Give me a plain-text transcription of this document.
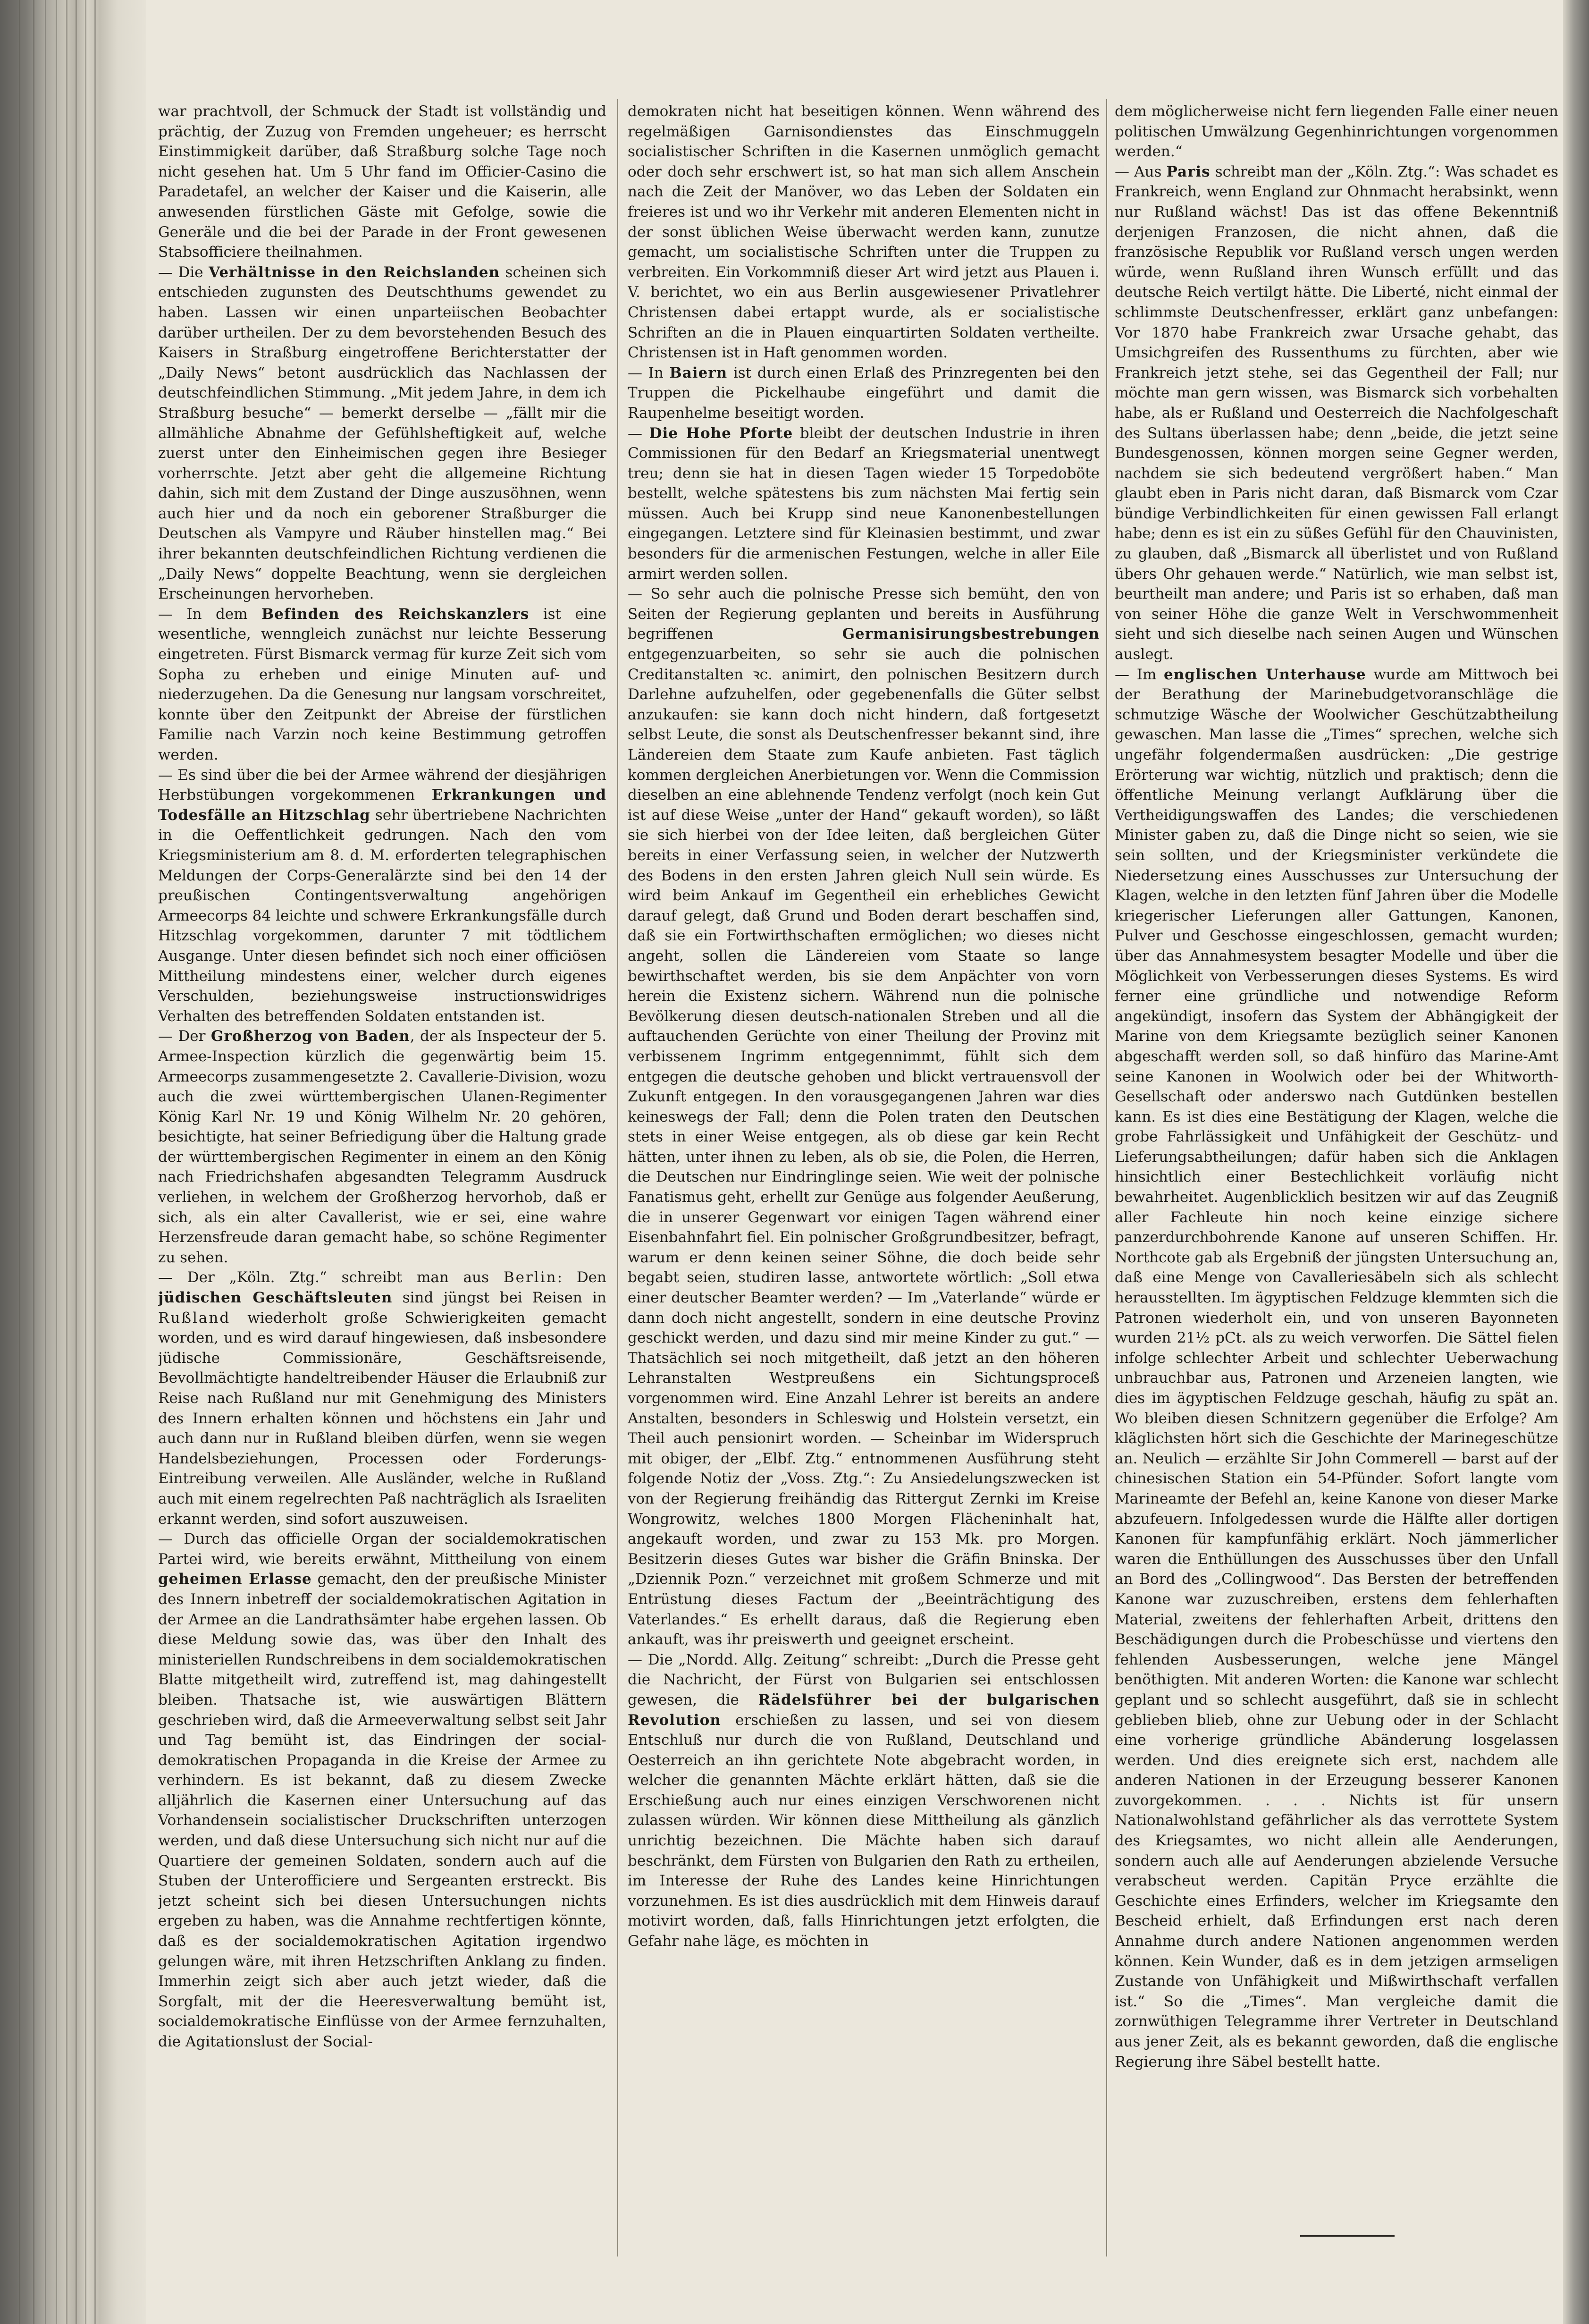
war prachtvoll, der Schmuck der Stadt ist vollständig und prächtig, der Zuzug von Fremden ungeheuer; es herrscht Einstimmigkeit darüber, daß Straßburg solche Tage noch nicht gesehen hat. Um 5 Uhr fand im Officier-Casino die Paradetafel, an welcher der Kaiser und die Kaiserin, alle anwesenden fürstlichen Gäste mit Gefolge, sowie die Generäle und die bei der Parade in der Front gewesenen Stabsofficiere theilnahmen.

— Die Verhältnisse in den Reichslanden scheinen sich entschieden zugunsten des Deutschthums gewendet zu haben. Lassen wir einen unparteiischen Beobachter darüber urtheilen. Der zu dem bevorstehenden Besuch des Kaisers in Straßburg eingetroffene Berichterstatter der „Daily News“ betont ausdrücklich das Nachlassen der deutschfeindlichen Stimmung. „Mit jedem Jahre, in dem ich Straßburg besuche“ — bemerkt derselbe — „fällt mir die allmähliche Abnahme der Gefühlsheftigkeit auf, welche zuerst unter den Einheimischen gegen ihre Besieger vorherrschte. Jetzt aber geht die allgemeine Richtung dahin, sich mit dem Zustand der Dinge auszusöhnen, wenn auch hier und da noch ein geborener Straßburger die Deutschen als Vampyre und Räuber hinstellen mag.“ Bei ihrer bekannten deutschfeindlichen Richtung verdienen die „Daily News“ doppelte Beachtung, wenn sie dergleichen Erscheinungen hervorheben.

— In dem Befinden des Reichskanzlers ist eine wesentliche, wenngleich zunächst nur leichte Besserung eingetreten. Fürst Bismarck vermag für kurze Zeit sich vom Sopha zu erheben und einige Minuten auf- und niederzugehen. Da die Genesung nur langsam vorschreitet, konnte über den Zeitpunkt der Abreise der fürstlichen Familie nach Varzin noch keine Bestimmung getroffen werden.

— Es sind über die bei der Armee während der diesjährigen Herbstübungen vorgekommenen Erkrankungen und Todesfälle an Hitzschlag sehr übertriebene Nachrichten in die Oeffentlichkeit gedrungen. Nach den vom Kriegsministerium am 8. d. M. erforderten telegraphischen Meldungen der Corps-Generalärzte sind bei den 14 der preußischen Contingentsverwaltung angehörigen Armeecorps 84 leichte und schwere Erkrankungsfälle durch Hitzschlag vorgekommen, darunter 7 mit tödtlichem Ausgange. Unter diesen befindet sich noch einer officiösen Mittheilung mindestens einer, welcher durch eigenes Verschulden, beziehungsweise instructionswidriges Verhalten des betreffenden Soldaten entstanden ist.

— Der Großherzog von Baden, der als Inspecteur der 5. Armee-Inspection kürzlich die gegenwärtig beim 15. Armeecorps zusammengesetzte 2. Cavallerie-Division, wozu auch die zwei württembergischen Ulanen-Regimenter König Karl Nr. 19 und König Wilhelm Nr. 20 gehören, besichtigte, hat seiner Befriedigung über die Haltung grade der württembergischen Regimenter in einem an den König nach Friedrichshafen abgesandten Telegramm Ausdruck verliehen, in welchem der Großherzog hervorhob, daß er sich, als ein alter Cavallerist, wie er sei, eine wahre Herzensfreude daran gemacht habe, so schöne Regimenter zu sehen.

— Der „Köln. Ztg.“ schreibt man aus Berlin: Den jüdischen Geschäftsleuten sind jüngst bei Reisen in Rußland wiederholt große Schwierigkeiten gemacht worden, und es wird darauf hingewiesen, daß insbesondere jüdische Commissionäre, Geschäftsreisende, Bevollmächtigte handeltreibender Häuser die Erlaubniß zur Reise nach Rußland nur mit Genehmigung des Ministers des Innern erhalten können und höchstens ein Jahr und auch dann nur in Rußland bleiben dürfen, wenn sie wegen Handelsbeziehungen, Processen oder Forderungs-Eintreibung verweilen. Alle Ausländer, welche in Rußland auch mit einem regelrechten Paß nachträglich als Israeliten erkannt werden, sind sofort auszuweisen.

— Durch das officielle Organ der socialdemokratischen Partei wird, wie bereits erwähnt, Mittheilung von einem geheimen Erlasse gemacht, den der preußische Minister des Innern inbetreff der socialdemokratischen Agitation in der Armee an die Landrathsämter habe ergehen lassen. Ob diese Meldung sowie das, was über den Inhalt des ministeriellen Rundschreibens in dem socialdemokratischen Blatte mitgetheilt wird, zutreffend ist, mag dahingestellt bleiben. Thatsache ist, wie auswärtigen Blättern geschrieben wird, daß die Armeeverwaltung selbst seit Jahr und Tag bemüht ist, das Eindringen der social-demokratischen Propaganda in die Kreise der Armee zu verhindern. Es ist bekannt, daß zu diesem Zwecke alljährlich die Kasernen einer Untersuchung auf das Vorhandensein socialistischer Druckschriften unterzogen werden, und daß diese Untersuchung sich nicht nur auf die Quartiere der gemeinen Soldaten, sondern auch auf die Stuben der Unterofficiere und Sergeanten erstreckt. Bis jetzt scheint sich bei diesen Untersuchungen nichts ergeben zu haben, was die Annahme rechtfertigen könnte, daß es der socialdemokratischen Agitation irgendwo gelungen wäre, mit ihren Hetzschriften Anklang zu finden. Immerhin zeigt sich aber auch jetzt wieder, daß die Sorgfalt, mit der die Heeresverwaltung bemüht ist, socialdemokratische Einflüsse von der Armee fernzuhalten, die Agitationslust der Social-

demokraten nicht hat beseitigen können. Wenn während des regelmäßigen Garnisondienstes das Einschmuggeln socialistischer Schriften in die Kasernen unmöglich gemacht oder doch sehr erschwert ist, so hat man sich allem Anschein nach die Zeit der Manöver, wo das Leben der Soldaten ein freieres ist und wo ihr Verkehr mit anderen Elementen nicht in der sonst üblichen Weise überwacht werden kann, zunutze gemacht, um socialistische Schriften unter die Truppen zu verbreiten. Ein Vorkommniß dieser Art wird jetzt aus Plauen i. V. berichtet, wo ein aus Berlin ausgewiesener Privatlehrer Christensen dabei ertappt wurde, als er socialistische Schriften an die in Plauen einquartirten Soldaten vertheilte. Christensen ist in Haft genommen worden.

— In Baiern ist durch einen Erlaß des Prinzregenten bei den Truppen die Pickelhaube eingeführt und damit die Raupenhelme beseitigt worden.

— Die Hohe Pforte bleibt der deutschen Industrie in ihren Commissionen für den Bedarf an Kriegsmaterial unentwegt treu; denn sie hat in diesen Tagen wieder 15 Torpedoböte bestellt, welche spätestens bis zum nächsten Mai fertig sein müssen. Auch bei Krupp sind neue Kanonenbestellungen eingegangen. Letztere sind für Kleinasien bestimmt, und zwar besonders für die armenischen Festungen, welche in aller Eile armirt werden sollen.

— So sehr auch die polnische Presse sich bemüht, den von Seiten der Regierung geplanten und bereits in Ausführung begriffenen Germanisirungsbestrebungen entgegenzuarbeiten, so sehr sie auch die polnischen Creditanstalten ꝛc. animirt, den polnischen Besitzern durch Darlehne aufzuhelfen, oder gegebenenfalls die Güter selbst anzukaufen: sie kann doch nicht hindern, daß fortgesetzt selbst Leute, die sonst als Deutschenfresser bekannt sind, ihre Ländereien dem Staate zum Kaufe anbieten. Fast täglich kommen dergleichen Anerbietungen vor. Wenn die Commission dieselben an eine ablehnende Tendenz verfolgt (noch kein Gut ist auf diese Weise „unter der Hand“ gekauft worden), so läßt sie sich hierbei von der Idee leiten, daß bergleichen Güter bereits in einer Verfassung seien, in welcher der Nutzwerth des Bodens in den ersten Jahren gleich Null sein würde. Es wird beim Ankauf im Gegentheil ein erhebliches Gewicht darauf gelegt, daß Grund und Boden derart beschaffen sind, daß sie ein Fortwirthschaften ermöglichen; wo dieses nicht angeht, sollen die Ländereien vom Staate so lange bewirthschaftet werden, bis sie dem Anpächter von vorn herein die Existenz sichern. Während nun die polnische Bevölkerung diesen deutsch-nationalen Streben und all die auftauchenden Gerüchte von einer Theilung der Provinz mit verbissenem Ingrimm entgegennimmt, fühlt sich dem entgegen die deutsche gehoben und blickt vertrauensvoll der Zukunft entgegen. In den vorausgegangenen Jahren war dies keineswegs der Fall; denn die Polen traten den Deutschen stets in einer Weise entgegen, als ob diese gar kein Recht hätten, unter ihnen zu leben, als ob sie, die Polen, die Herren, die Deutschen nur Eindringlinge seien. Wie weit der polnische Fanatismus geht, erhellt zur Genüge aus folgender Aeußerung, die in unserer Gegenwart vor einigen Tagen während einer Eisenbahnfahrt fiel. Ein polnischer Großgrundbesitzer, befragt, warum er denn keinen seiner Söhne, die doch beide sehr begabt seien, studiren lasse, antwortete wörtlich: „Soll etwa einer deutscher Beamter werden? — Im „Vaterlande“ würde er dann doch nicht angestellt, sondern in eine deutsche Provinz geschickt werden, und dazu sind mir meine Kinder zu gut.“ — Thatsächlich sei noch mitgetheilt, daß jetzt an den höheren Lehranstalten Westpreußens ein Sichtungsproceß vorgenommen wird. Eine Anzahl Lehrer ist bereits an andere Anstalten, besonders in Schleswig und Holstein versetzt, ein Theil auch pensionirt worden. — Scheinbar im Widerspruch mit obiger, der „Elbf. Ztg.“ entnommenen Ausführung steht folgende Notiz der „Voss. Ztg.“: Zu Ansiedelungszwecken ist von der Regierung freihändig das Rittergut Zernki im Kreise Wongrowitz, welches 1800 Morgen Flächeninhalt hat, angekauft worden, und zwar zu 153 Mk. pro Morgen. Besitzerin dieses Gutes war bisher die Gräfin Bninska. Der „Dziennik Pozn.“ verzeichnet mit großem Schmerze und mit Entrüstung dieses Factum der „Beeinträchtigung des Vaterlandes.“ Es erhellt daraus, daß die Regierung eben ankauft, was ihr preiswerth und geeignet erscheint.

— Die „Nordd. Allg. Zeitung“ schreibt: „Durch die Presse geht die Nachricht, der Fürst von Bulgarien sei entschlossen gewesen, die Rädelsführer bei der bulgarischen Revolution erschießen zu lassen, und sei von diesem Entschluß nur durch die von Rußland, Deutschland und Oesterreich an ihn gerichtete Note abgebracht worden, in welcher die genannten Mächte erklärt hätten, daß sie die Erschießung auch nur eines einzigen Verschworenen nicht zulassen würden. Wir können diese Mittheilung als gänzlich unrichtig bezeichnen. Die Mächte haben sich darauf beschränkt, dem Fürsten von Bulgarien den Rath zu ertheilen, im Interesse der Ruhe des Landes keine Hinrichtungen vorzunehmen. Es ist dies ausdrücklich mit dem Hinweis darauf motivirt worden, daß, falls Hinrichtungen jetzt erfolgten, die Gefahr nahe läge, es möchten in

dem möglicherweise nicht fern liegenden Falle einer neuen politischen Umwälzung Gegenhinrichtungen vorgenommen werden.“

— Aus Paris schreibt man der „Köln. Ztg.“: Was schadet es Frankreich, wenn England zur Ohnmacht herabsinkt, wenn nur Rußland wächst! Das ist das offene Bekenntniß derjenigen Franzosen, die nicht ahnen, daß die französische Republik vor Rußland versch ungen werden würde, wenn Rußland ihren Wunsch erfüllt und das deutsche Reich vertilgt hätte. Die Liberté, nicht einmal der schlimmste Deutschenfresser, erklärt ganz unbefangen: Vor 1870 habe Frankreich zwar Ursache gehabt, das Umsichgreifen des Russenthums zu fürchten, aber wie Frankreich jetzt stehe, sei das Gegentheil der Fall; nur möchte man gern wissen, was Bismarck sich vorbehalten habe, als er Rußland und Oesterreich die Nachfolgeschaft des Sultans überlassen habe; denn „beide, die jetzt seine Bundesgenossen, können morgen seine Gegner werden, nachdem sie sich bedeutend vergrößert haben.“ Man glaubt eben in Paris nicht daran, daß Bismarck vom Czar bündige Verbindlichkeiten für einen gewissen Fall erlangt habe; denn es ist ein zu süßes Gefühl für den Chauvinisten, zu glauben, daß „Bismarck all überlistet und von Rußland übers Ohr gehauen werde.“ Natürlich, wie man selbst ist, beurtheilt man andere; und Paris ist so erhaben, daß man von seiner Höhe die ganze Welt in Verschwommenheit sieht und sich dieselbe nach seinen Augen und Wünschen auslegt.

— Im englischen Unterhause wurde am Mittwoch bei der Berathung der Marinebudgetvoranschläge die schmutzige Wäsche der Woolwicher Geschützabtheilung gewaschen. Man lasse die „Times“ sprechen, welche sich ungefähr folgendermaßen ausdrücken: „Die gestrige Erörterung war wichtig, nützlich und praktisch; denn die öffentliche Meinung verlangt Aufklärung über die Vertheidigungswaffen des Landes; die verschiedenen Minister gaben zu, daß die Dinge nicht so seien, wie sie sein sollten, und der Kriegsminister verkündete die Niedersetzung eines Ausschusses zur Untersuchung der Klagen, welche in den letzten fünf Jahren über die Modelle kriegerischer Lieferungen aller Gattungen, Kanonen, Pulver und Geschosse eingeschlossen, gemacht wurden; über das Annahmesystem besagter Modelle und über die Möglichkeit von Verbesserungen dieses Systems. Es wird ferner eine gründliche und notwendige Reform angekündigt, insofern das System der Abhängigkeit der Marine von dem Kriegsamte bezüglich seiner Kanonen abgeschafft werden soll, so daß hinfüro das Marine-Amt seine Kanonen in Woolwich oder bei der Whitworth-Gesellschaft oder anderswo nach Gutdünken bestellen kann. Es ist dies eine Bestätigung der Klagen, welche die grobe Fahrlässigkeit und Unfähigkeit der Geschütz- und Lieferungsabtheilungen; dafür haben sich die Anklagen hinsichtlich einer Bestechlichkeit vorläufig nicht bewahrheitet. Augenblicklich besitzen wir auf das Zeugniß aller Fachleute hin noch keine einzige sichere panzerdurchbohrende Kanone auf unseren Schiffen. Hr. Northcote gab als Ergebniß der jüngsten Untersuchung an, daß eine Menge von Cavalleriesäbeln sich als schlecht herausstellten. Im ägyptischen Feldzuge klemmten sich die Patronen wiederholt ein, und von unseren Bayonneten wurden 21½ pCt. als zu weich verworfen. Die Sättel fielen infolge schlechter Arbeit und schlechter Ueberwachung unbrauchbar aus, Patronen und Arzeneien langten, wie dies im ägyptischen Feldzuge geschah, häufig zu spät an. Wo bleiben diesen Schnitzern gegenüber die Erfolge? Am kläglichsten hört sich die Geschichte der Marinegeschütze an. Neulich — erzählte Sir John Commerell — barst auf der chinesischen Station ein 54-Pfünder. Sofort langte vom Marineamte der Befehl an, keine Kanone von dieser Marke abzufeuern. Infolgedessen wurde die Hälfte aller dortigen Kanonen für kampfunfähig erklärt. Noch jämmerlicher waren die Enthüllungen des Ausschusses über den Unfall an Bord des „Collingwood“. Das Bersten der betreffenden Kanone war zuzuschreiben, erstens dem fehlerhaften Material, zweitens der fehlerhaften Arbeit, drittens den Beschädigungen durch die Probeschüsse und viertens den fehlenden Ausbesserungen, welche jene Mängel benöthigten. Mit anderen Worten: die Kanone war schlecht geplant und so schlecht ausgeführt, daß sie in schlecht geblieben blieb, ohne zur Uebung oder in der Schlacht eine vorherige gründliche Abänderung losgelassen werden. Und dies ereignete sich erst, nachdem alle anderen Nationen in der Erzeugung besserer Kanonen zuvorgekommen. . . . Nichts ist für unsern Nationalwohlstand gefährlicher als das verrottete System des Kriegsamtes, wo nicht allein alle Aenderungen, sondern auch alle auf Aenderungen abzielende Versuche verabscheut werden. Capitän Pryce erzählte die Geschichte eines Erfinders, welcher im Kriegsamte den Bescheid erhielt, daß Erfindungen erst nach deren Annahme durch andere Nationen angenommen werden können. Kein Wunder, daß es in dem jetzigen armseligen Zustande von Unfähigkeit und Mißwirthschaft verfallen ist.“ So die „Times“. Man vergleiche damit die zornwüthigen Telegramme ihrer Vertreter in Deutschland aus jener Zeit, als es bekannt geworden, daß die englische Regierung ihre Säbel bestellt hatte.
